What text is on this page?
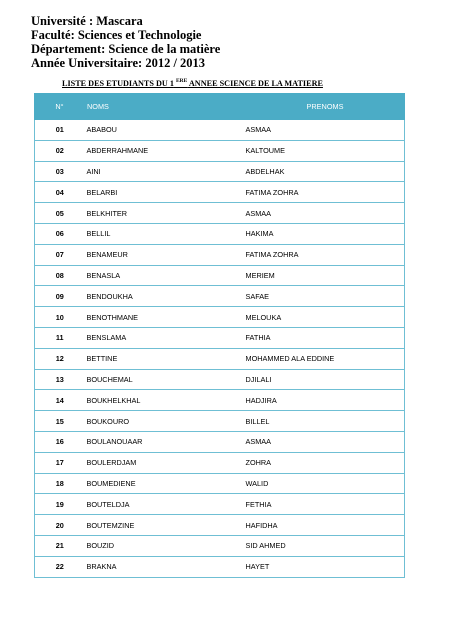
Université : Mascara
Faculté: Sciences et Technologie
Département: Science de la matière
Année Universitaire: 2012 / 2013
LISTE DES ETUDIANTS DU 1 $^{ERE}$ ANNEE SCIENCE DE LA MATIERE
N°	NOMS	PRENOMS
01	ABABOU	ASMAA
02	ABDERRAHMANE	KALTOUME
03	AINI	ABDELHAK
04	BELARBI	FATIMA ZOHRA
05	BELKHITER	ASMAA
06	BELLIL	HAKIMA
07	BENAMEUR	FATIMA ZOHRA
08	BENASLA	MERIEM
09	BENDOUKHA	SAFAE
10	BENOTHMANE	MELOUKA
11	BENSLAMA	FATHIA
12	BETTINE	MOHAMMED ALA EDDINE
13	BOUCHEMAL	DJILALI
14	BOUKHELKHAL	HADJIRA
15	BOUKOURO	BILLEL
16	BOULANOUAAR	ASMAA
17	BOULERDJAM	ZOHRA
18	BOUMEDIENE	WALID
19	BOUTELDJA	FETHIA
20	BOUTEMZINE	HAFIDHA
21	BOUZID	SID AHMED
22	BRAKNA	HAYET
